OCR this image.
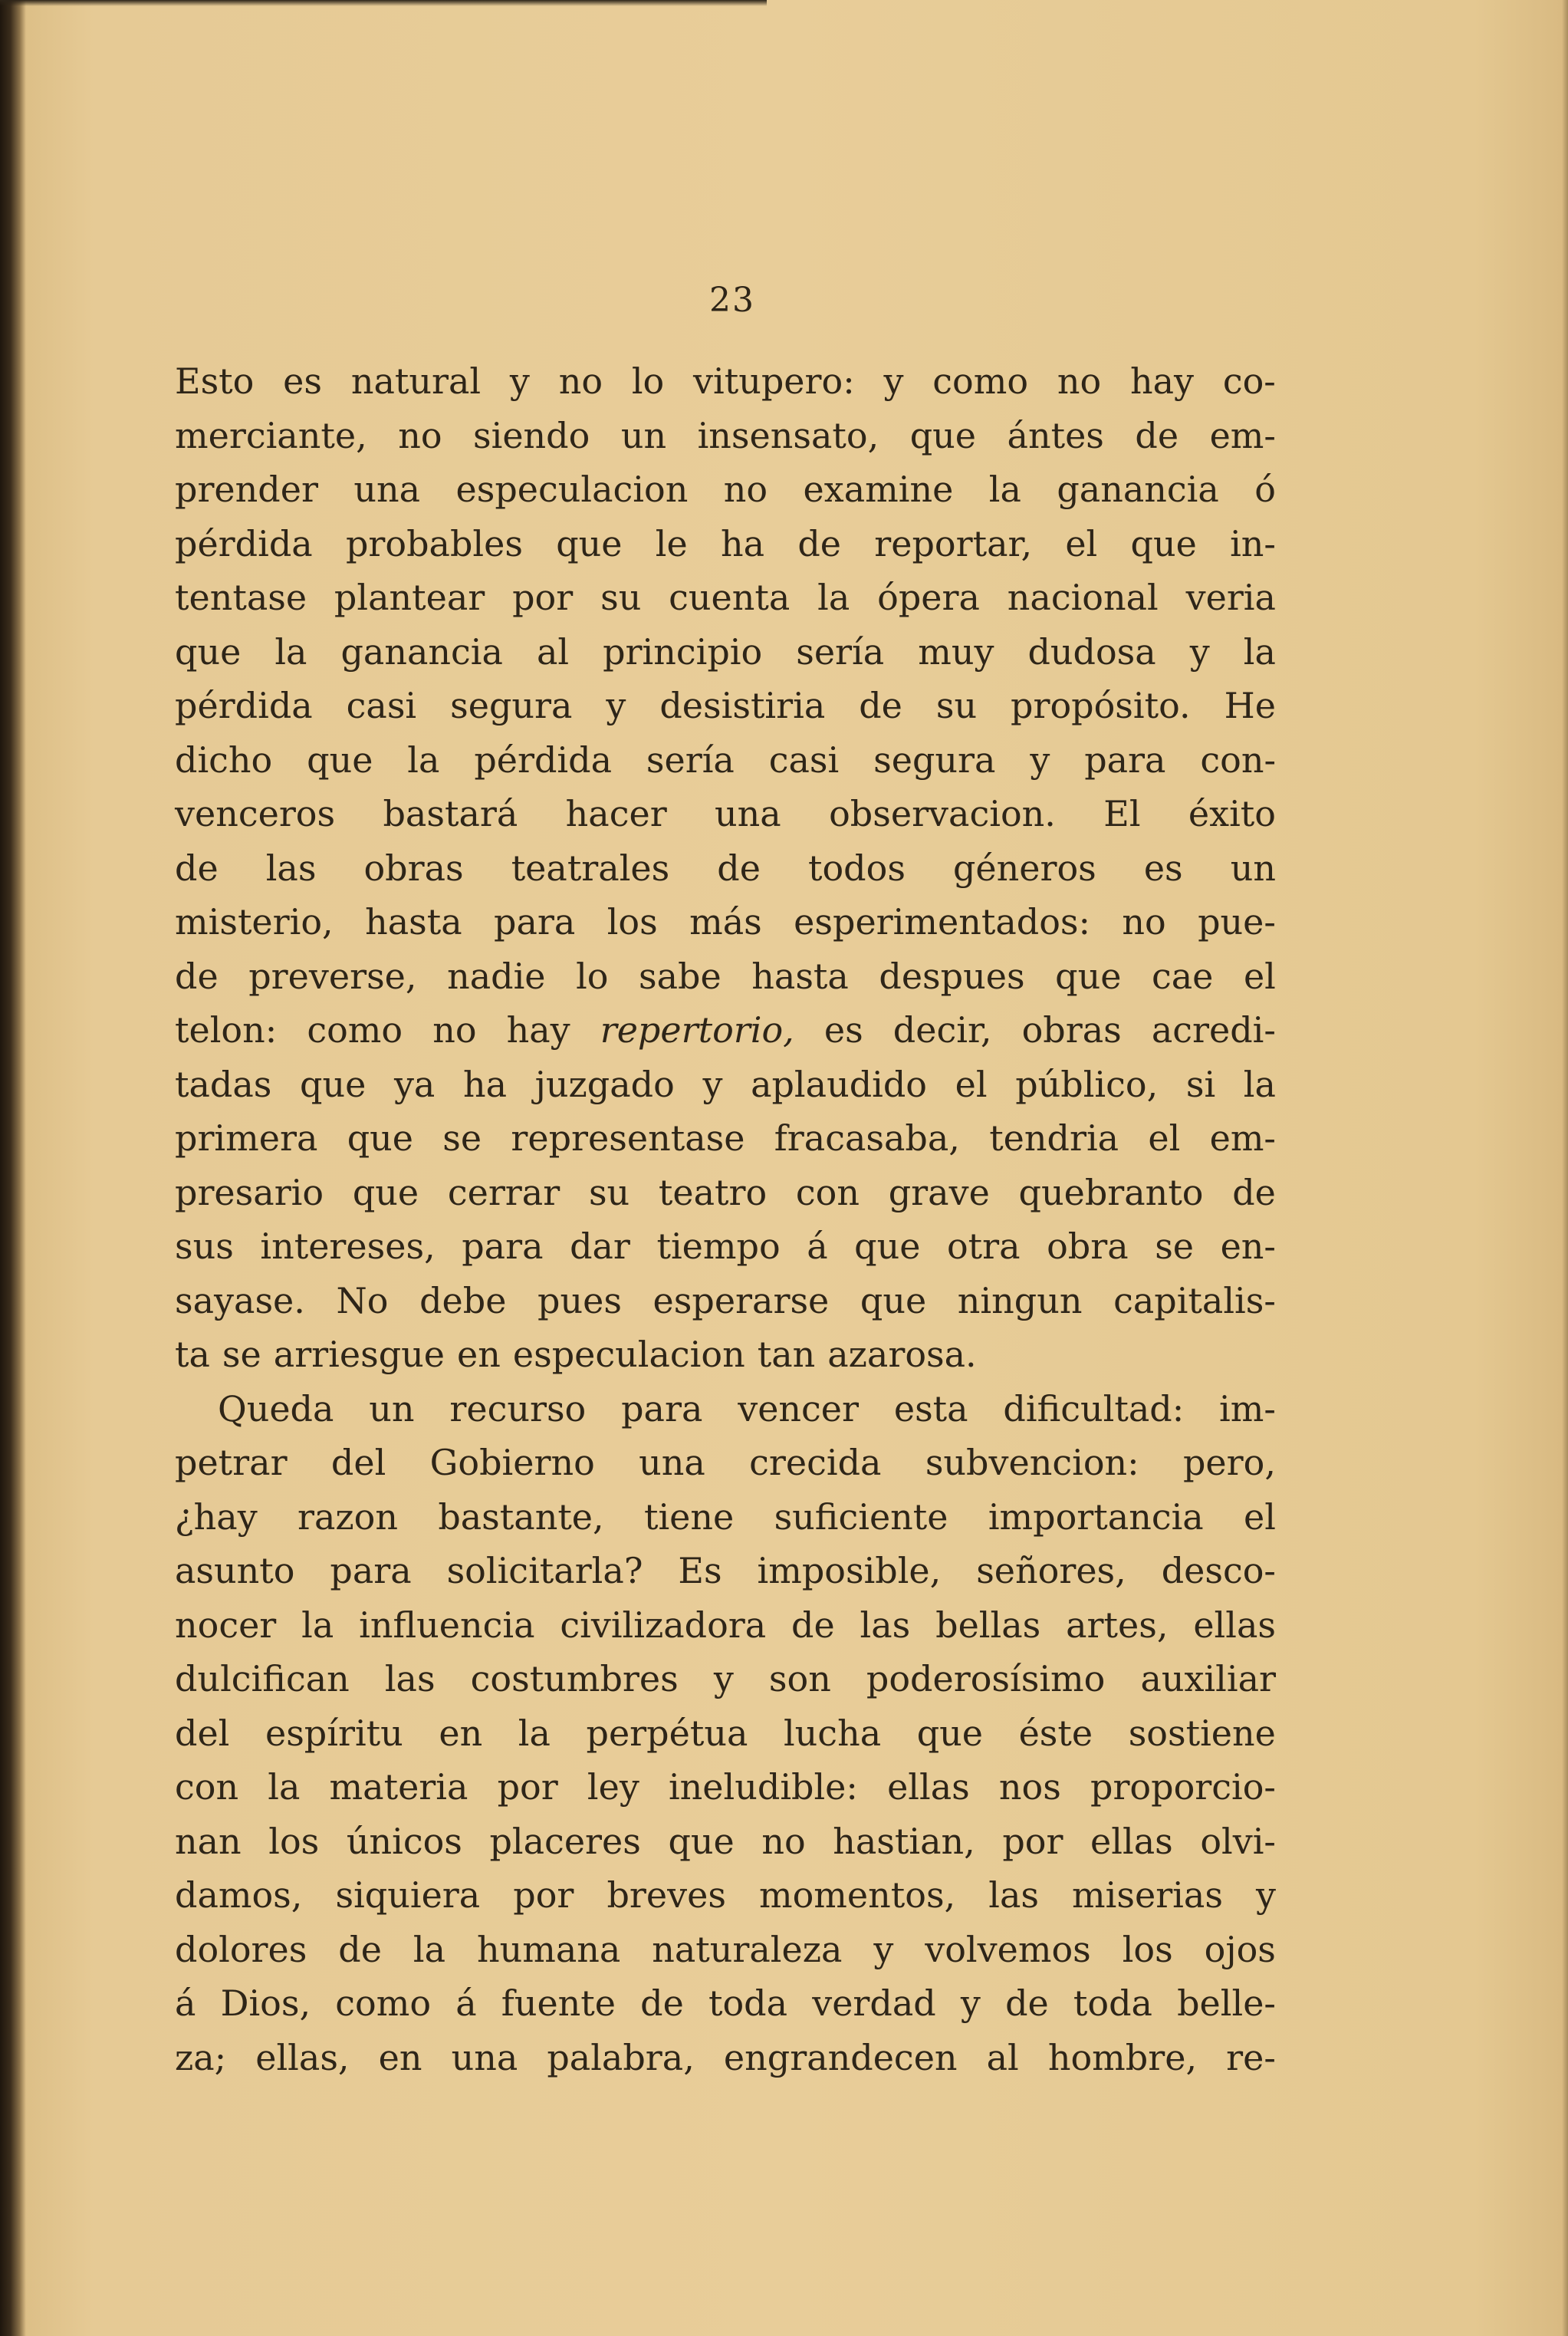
23
Esto es natural y no lo vitupero: y como no hay co-
merciante, no siendo un insensato, que ántes de em-
prender una especulacion no examine la ganancia ó
pérdida probables que le ha de reportar, el que in-
tentase plantear por su cuenta la ópera nacional veria
que la ganancia al principio sería muy dudosa y la
pérdida casi segura y desistiria de su propósito. He
dicho que la pérdida sería casi segura y para con-
venceros bastará hacer una observacion. El éxito
de las obras teatrales de todos géneros es un
misterio, hasta para los más esperimentados: no pue-
de preverse, nadie lo sabe hasta despues que cae el
telon: como no hay repertorio, es decir, obras acredi-
tadas que ya ha juzgado y aplaudido el público, si la
primera que se representase fracasaba, tendria el em-
presario que cerrar su teatro con grave quebranto de
sus intereses, para dar tiempo á que otra obra se en-
sayase. No debe pues esperarse que ningun capitalis-
ta se arriesgue en especulacion tan azarosa.
Queda un recurso para vencer esta dificultad: im-
petrar del Gobierno una crecida subvencion: pero,
¿hay razon bastante, tiene suficiente importancia el
asunto para solicitarla? Es imposible, señores, desco-
nocer la influencia civilizadora de las bellas artes, ellas
dulcifican las costumbres y son poderosísimo auxiliar
del espíritu en la perpétua lucha que éste sostiene
con la materia por ley ineludible: ellas nos proporcio-
nan los únicos placeres que no hastian, por ellas olvi-
damos, siquiera por breves momentos, las miserias y
dolores de la humana naturaleza y volvemos los ojos
á Dios, como á fuente de toda verdad y de toda belle-
za; ellas, en una palabra, engrandecen al hombre, re-
